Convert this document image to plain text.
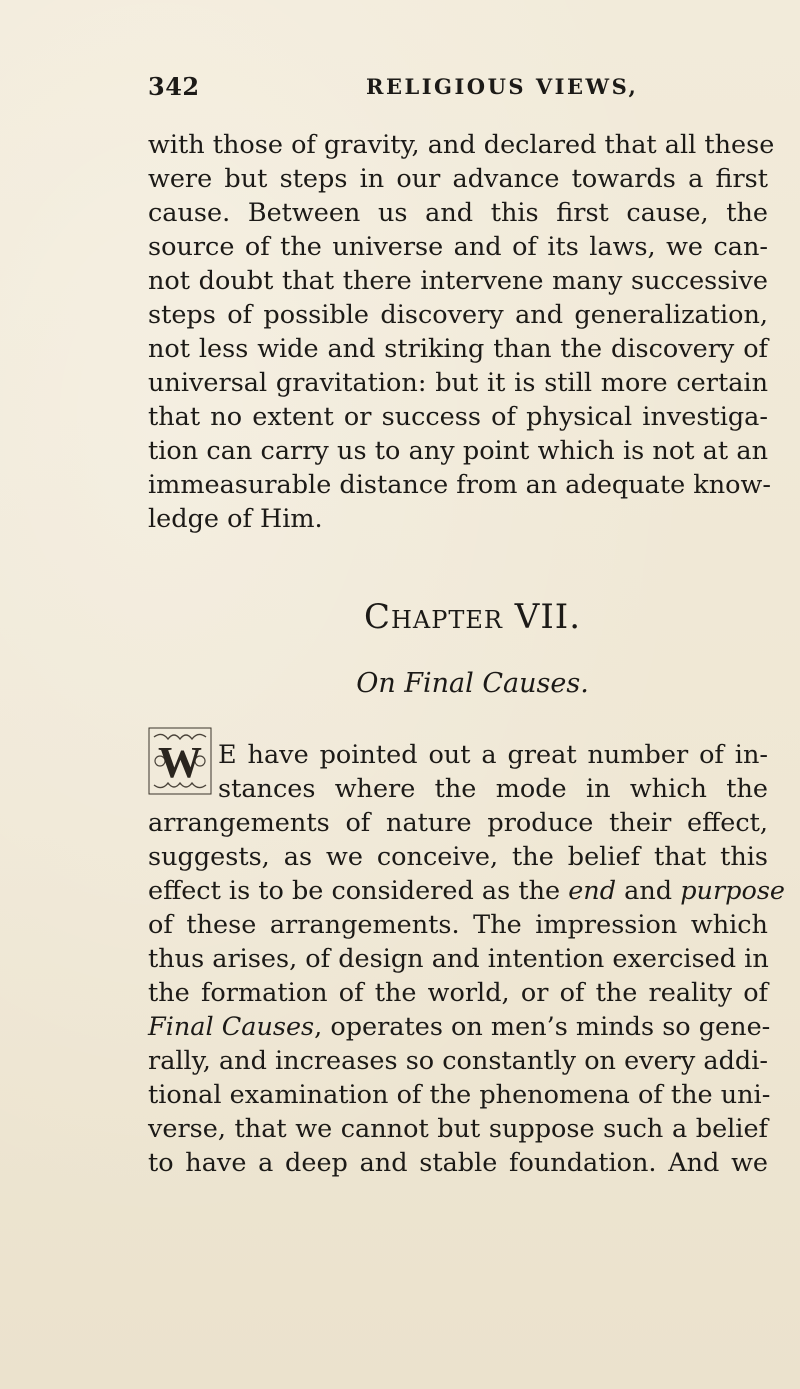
342	RELIGIOUS VIEWS,
with those of gravity, and declared that all these
were but steps in our advance towards a first
cause. Between us and this first cause, the
source of the universe and of its laws, we can-
not doubt that there intervene many successive
steps of possible discovery and generalization,
not less wide and striking than the discovery of
universal gravitation: but it is still more certain
that no extent or success of physical investiga-
tion can carry us to any point which is not at an
immeasurable distance from an adequate know-
ledge of Him.
Chapter VII.
On Final Causes.
W E have pointed out a great number of in-
stances where the mode in which the
arrangements of nature produce their effect,
suggests, as we conceive, the belief that this
effect is to be considered as the end and purpose
of these arrangements. The impression which
thus arises, of design and intention exercised in
the formation of the world, or of the reality of
Final Causes, operates on men’s minds so gene-
rally, and increases so constantly on every addi-
tional examination of the phenomena of the uni-
verse, that we cannot but suppose such a belief
to have a deep and stable foundation. And we
